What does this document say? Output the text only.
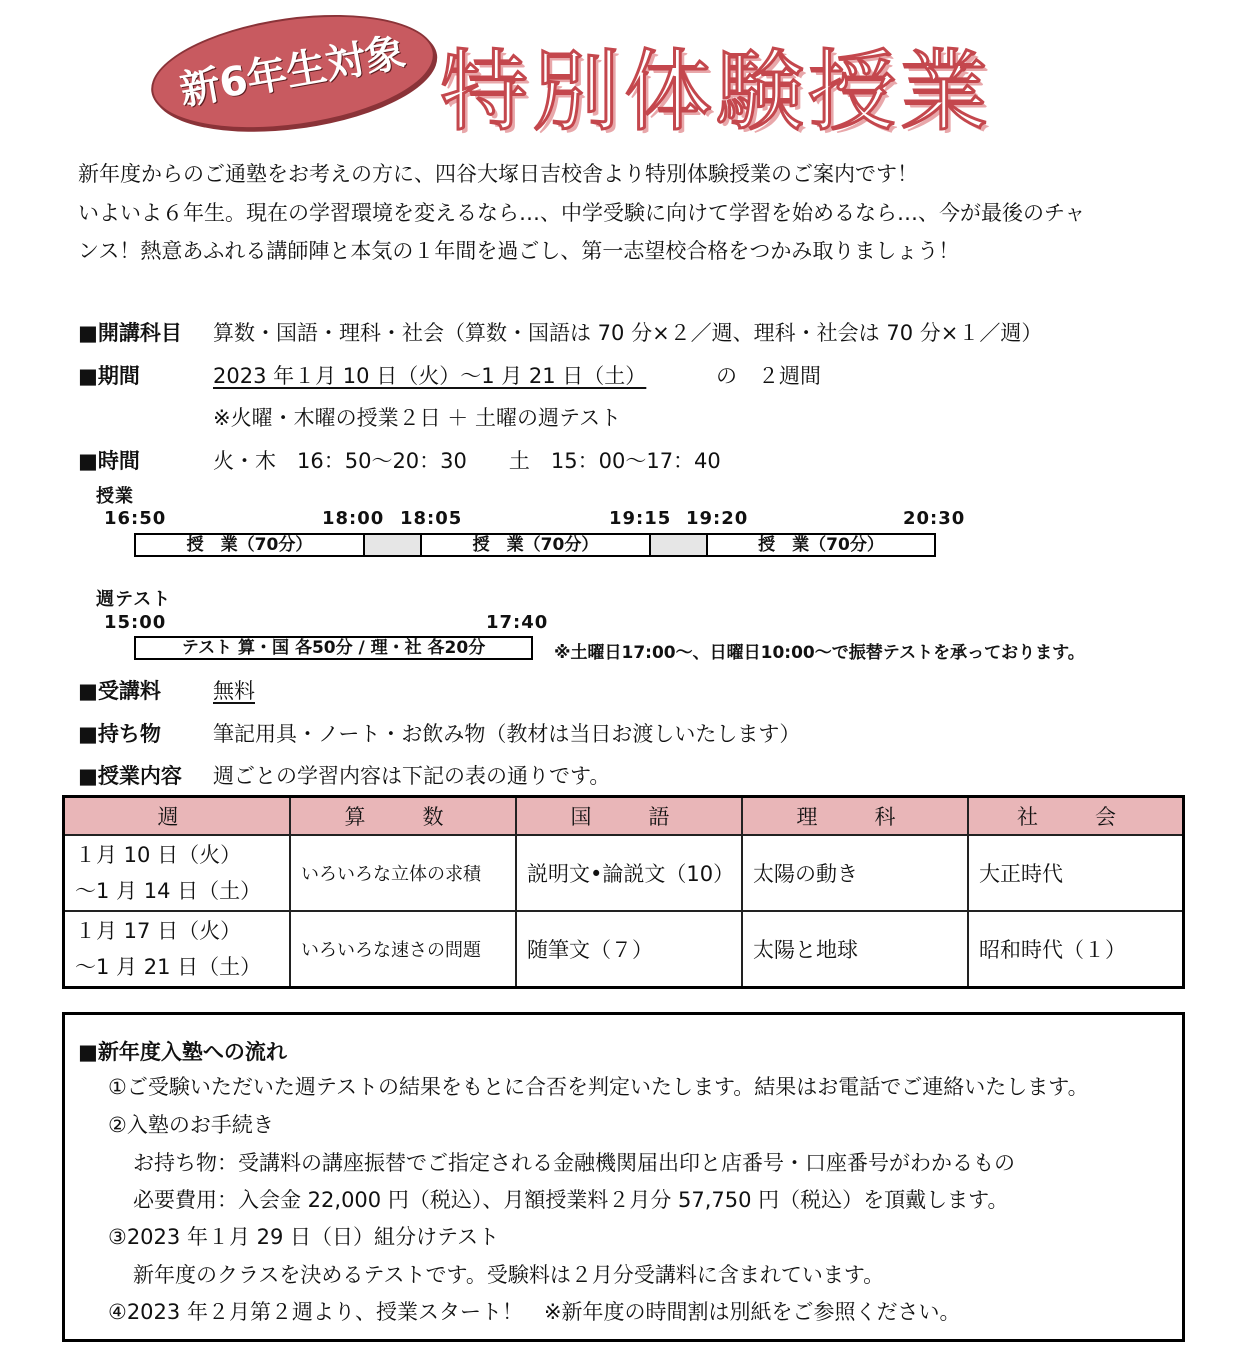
新6年生対象 特別体験授業
新年度からのご通塾をお考えの方に、四谷大塚日吉校舎より特別体験授業のご案内です！
いよいよ６年生。現在の学習環境を変えるなら…、中学受験に向けて学習を始めるなら…、今が最後のチャ
ンス！熱意あふれる講師陣と本気の１年間を過ごし、第一志望校合格をつかみ取りましょう！
■開講科目 算数・国語・理科・社会（算数・国語は 70 分×２／週、理科・社会は 70 分×１／週）
■期間	2023 年１月 10 日（火）～1 月 21 日（土）	の　２週間
※火曜・木曜の授業２日 ＋ 土曜の週テスト
■時間	火・木　16：50～20：30　　土　15：00～17：40
授業
16:50	18:00 18:05	19:15 19:20	20:30
授　業（70分）	授　業（70分）	授　業（70分）
週テスト
15:00	17:40
テスト 算・国 各50分 / 理・社 各20分	※土曜日17:00～、日曜日10:00～で振替テストを承っております。
■受講料 無料
■持ち物 筆記用具・ノート・お飲み物（教材は当日お渡しいたします）
■授業内容 週ごとの学習内容は下記の表の通りです。
週	算　数	国　語	理　科	社　会

１月 10 日（火）
～1 月 14 日（土）	いろいろな立体の求積	説明文•論説文（10）	太陽の動き	大正時代

１月 17 日（火）
～1 月 21 日（土）	いろいろな速さの問題	随筆文（７）	太陽と地球	昭和時代（１）
■新年度入塾への流れ
①ご受験いただいた週テストの結果をもとに合否を判定いたします。結果はお電話でご連絡いたします。
②入塾のお手続き
お持ち物：受講料の講座振替でご指定される金融機関届出印と店番号・口座番号がわかるもの
必要費用：入会金 22,000 円（税込）、月額授業料２月分 57,750 円（税込）を頂戴します。
③2023 年１月 29 日（日）組分けテスト
新年度のクラスを決めるテストです。受験料は２月分受講料に含まれています。
④2023 年２月第２週より、授業スタート！　※新年度の時間割は別紙をご参照ください。
